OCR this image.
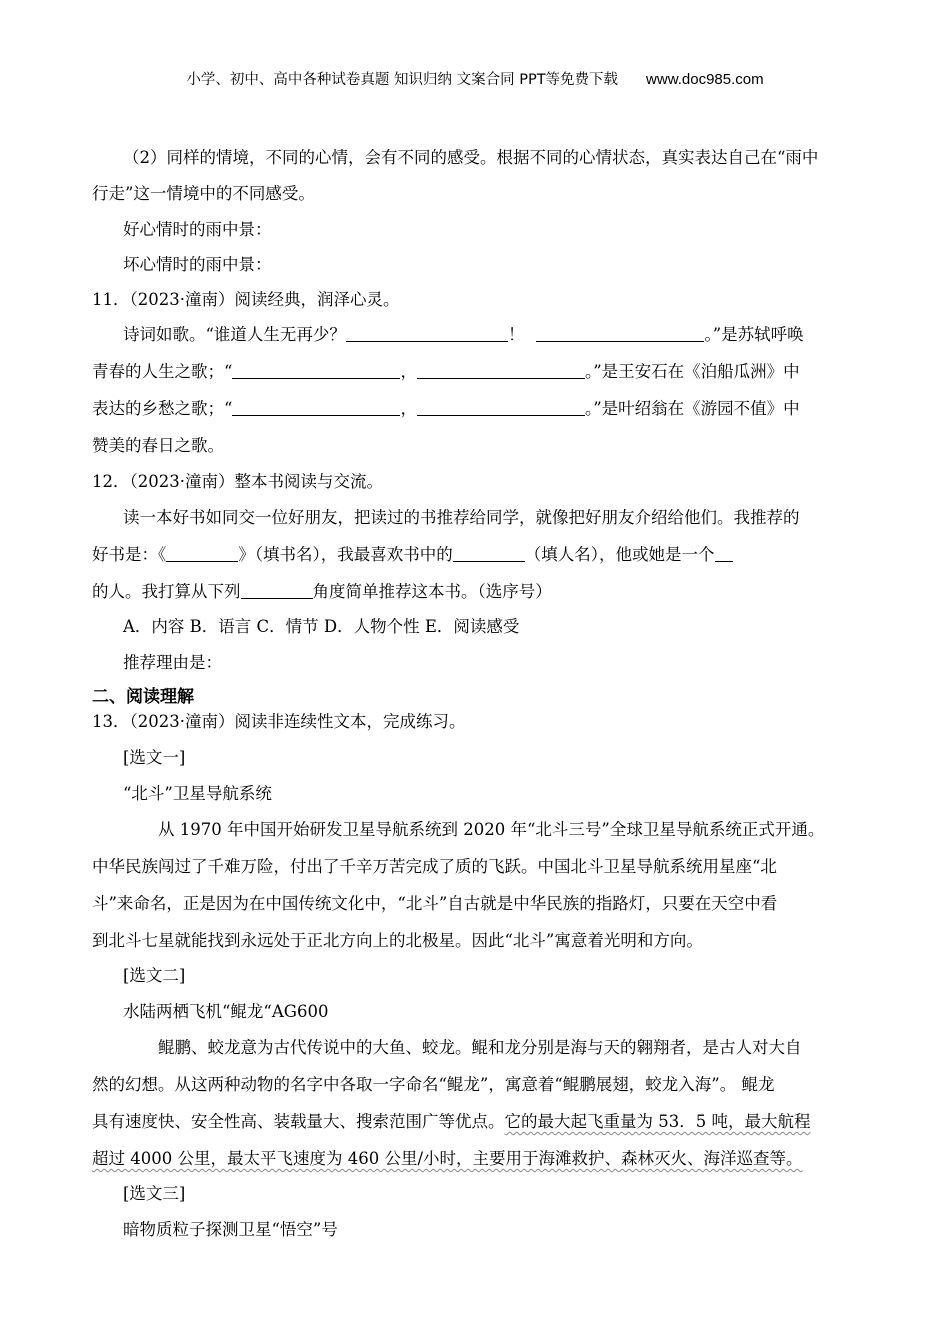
小学、初中、高中各种试卷真题 知识归纳 文案合同 PPT等免费下载 www.doc985.com
（2）同样的情境，不同的心情，会有不同的感受。根据不同的心情状态，真实表达自己在“雨中
行走”这一情境中的不同感受。
好心情时的雨中景：
坏心情时的雨中景：
11．（2023·潼南）阅读经典，润泽心灵。
诗词如歌。“谁道人生无再少？	！	。”是苏轼呼唤
青春的人生之歌；“	，	。”是王安石在《泊船瓜洲》中
表达的乡愁之歌；“	，	。”是叶绍翁在《游园不值》中
赞美的春日之歌。
12．（2023·潼南）整本书阅读与交流。
读一本好书如同交一位好朋友，把读过的书推荐给同学，就像把好朋友介绍给他们。我推荐的
好书是：《	》（填书名），我最喜欢书中的	（填人名），他或她是一个
的人。我打算从下列	角度简单推荐这本书。（选序号）
A．内容 B．语言 C．情节 D．人物个性 E．阅读感受
推荐理由是：
二、阅读理解
13．（2023·潼南）阅读非连续性文本，完成练习。
[选文一]
“北斗”卫星导航系统
从 1970 年中国开始研发卫星导航系统到 2020 年“北斗三号”全球卫星导航系统正式开通。
中华民族闯过了千难万险，付出了千辛万苦完成了质的飞跃。中国北斗卫星导航系统用星座“北
斗”来命名，正是因为在中国传统文化中，“北斗”自古就是中华民族的指路灯，只要在天空中看
到北斗七星就能找到永远处于正北方向上的北极星。因此“北斗”寓意着光明和方向。
[选文二]
水陆两栖飞机“鲲龙“AG600
鲲鹏、蛟龙意为古代传说中的大鱼、蛟龙。鲲和龙分别是海与天的翱翔者，是古人对大自
然的幻想。从这两种动物的名字中各取一字命名“鲲龙”，寓意着“鲲鹏展翅，蛟龙入海”。 鲲龙
具有速度快、安全性高、装载量大、搜索范围广等优点。它的最大起飞重量为 53．5 吨，最大航程
超过 4000 公里，最太平飞速度为 460 公里/小时，主要用于海滩救护、森林灭火、海洋巡查等。
[选文三]
暗物质粒子探测卫星“悟空”号
